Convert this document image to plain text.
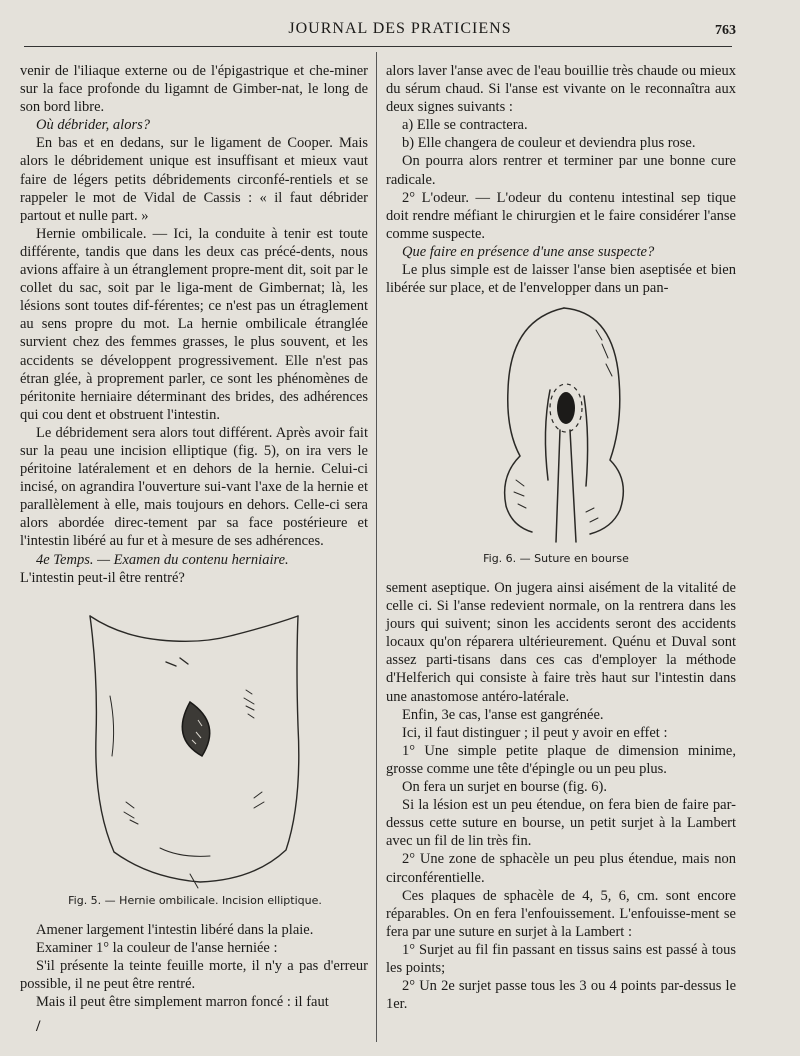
JOURNAL DES PRATICIENS	763

venir de l'iliaque externe ou de l'épigastrique et che-miner sur la face profonde du ligamnt de Gimber-nat, le long de son bord libre.

Où débrider, alors?

En bas et en dedans, sur le ligament de Cooper. Mais alors le débridement unique est insuffisant et mieux vaut faire de légers petits débridements circonfé-rentiels et se rappeler le mot de Vidal de Cassis : « il faut débrider partout et nulle part. »

Hernie ombilicale. — Ici, la conduite à tenir est toute différente, tandis que dans les deux cas précé-dents, nous avions affaire à un étranglement propre-ment dit, soit par le collet du sac, soit par le liga-ment de Gimbernat; là, les lésions sont toutes dif-férentes; ce n'est pas un étraglement au sens propre du mot. La hernie ombilicale étranglée survient chez des femmes grasses, le plus souvent, et les accidents se développent progressivement. Elle n'est pas étran glée, à proprement parler, ce sont les phénomènes de péritonite herniaire déterminant des brides, des adhérences qui cou dent et obstruent l'intestin.

Le débridement sera alors tout différent. Après avoir fait sur la peau une incision elliptique (fig. 5), on ira vers le péritoine latéralement et en dehors de la hernie. Celui-ci incisé, on agrandira l'ouverture sui-vant l'axe de la hernie et parallèlement à elle, mais toujours en dehors. Celle-ci sera alors abordée direc-tement par sa face postérieure et l'intestin libéré au fur et à mesure de ses adhérences.

4e Temps. — Examen du contenu herniaire.

L'intestin peut-il être rentré?

Fig. 5. — Hernie ombilicale. Incision elliptique.

Amener largement l'intestin libéré dans la plaie.

Examiner 1° la couleur de l'anse herniée :

S'il présente la teinte feuille morte, il n'y a pas d'erreur possible, il ne peut être rentré.

Mais il peut être simplement marron foncé : il faut

alors laver l'anse avec de l'eau bouillie très chaude ou mieux du sérum chaud. Si l'anse est vivante on le reconnaîtra aux deux signes suivants :

a) Elle se contractera.

b) Elle changera de couleur et deviendra plus rose.

On pourra alors rentrer et terminer par une bonne cure radicale.

2° L'odeur. — L'odeur du contenu intestinal sep tique doit rendre méfiant le chirurgien et le faire considérer l'anse comme suspecte.

Que faire en présence d'une anse suspecte?

Le plus simple est de laisser l'anse bien aseptisée et bien libérée sur place, et de l'envelopper dans un pan-

Fig. 6. — Suture en bourse

sement aseptique. On jugera ainsi aisément de la vitalité de celle ci. Si l'anse redevient normale, on la rentrera dans les jours qui suivent; sinon les accidents seront des accidents locaux qu'on réparera ultérieurement. Quénu et Duval sont assez parti-tisans dans ces cas d'employer la méthode d'Helferich qui consiste à faire très haut sur l'intestin dans une anastomose antéro-latérale.

Enfin, 3e cas, l'anse est gangrénée.

Ici, il faut distinguer ; il peut y avoir en effet :

1° Une simple petite plaque de dimension minime, grosse comme une tête d'épingle ou un peu plus.

On fera un surjet en bourse (fig. 6).

Si la lésion est un peu étendue, on fera bien de faire par-dessus cette suture en bourse, un petit surjet à la Lambert avec un fil de lin très fin.

2° Une zone de sphacèle un peu plus étendue, mais non circonférentielle.

Ces plaques de sphacèle de 4, 5, 6, cm. sont encore réparables. On en fera l'enfouissement. L'enfouisse-ment se fera par une suture en surjet à la Lambert :

1° Surjet au fil fin passant en tissus sains est passé à tous les points;

2° Un 2e surjet passe tous les 3 ou 4 points par-dessus le 1er.

/
